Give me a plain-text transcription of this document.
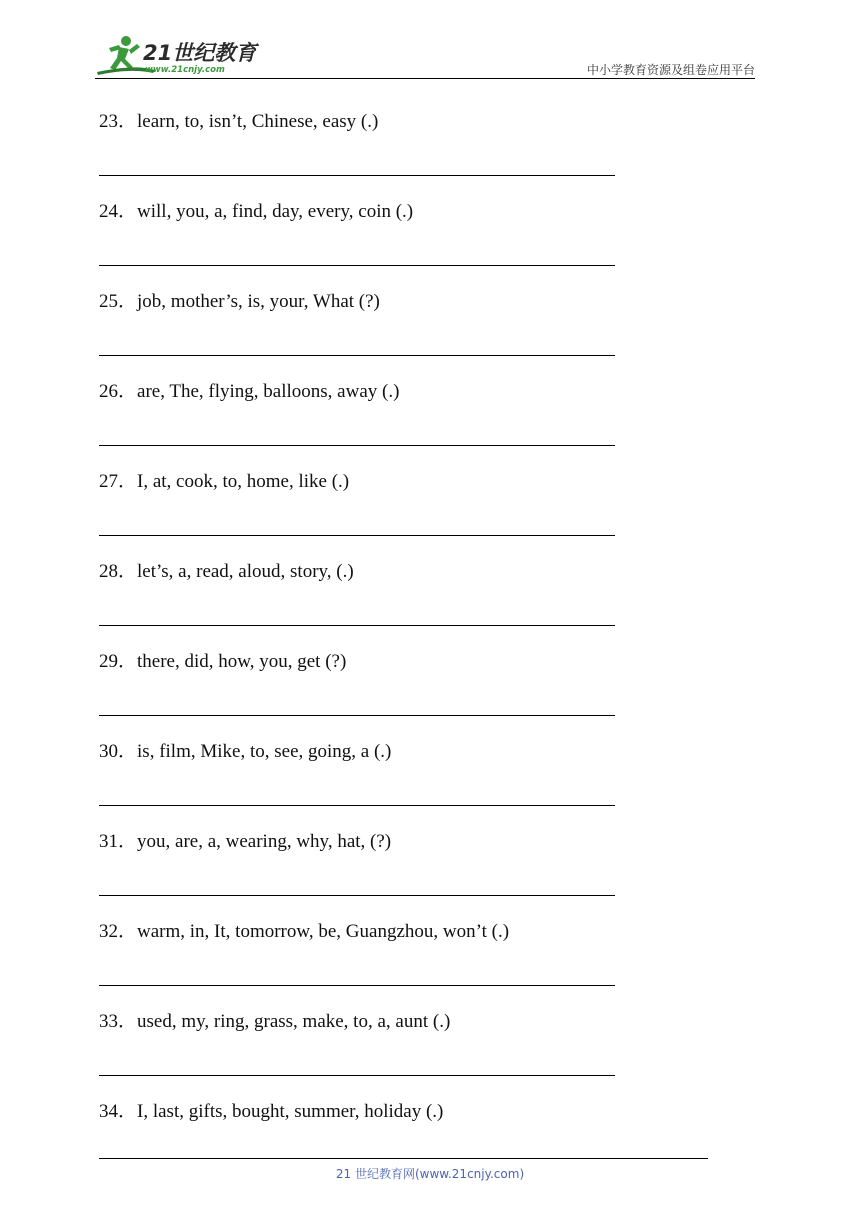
21世纪教育
www.21cnjy.com	中小学教育资源及组卷应用平台
23．learn, to, isn’t, Chinese, easy (.)
24．will, you, a, find, day, every, coin (.)
25．job, mother’s, is, your, What (?)
26．are, The, flying, balloons, away (.)
27．I, at, cook, to, home, like (.)
28．let’s, a, read, aloud, story, (.)
29．there, did, how, you, get (?)
30．is, film, Mike, to, see, going, a (.)
31．you, are, a, wearing, why, hat, (?)
32．warm, in, It, tomorrow, be, Guangzhou, won’t (.)
33．used, my, ring, grass, make, to, a, aunt (.)
34．I, last, gifts, bought, summer, holiday (.)
21 世纪教育网(www.21cnjy.com)
